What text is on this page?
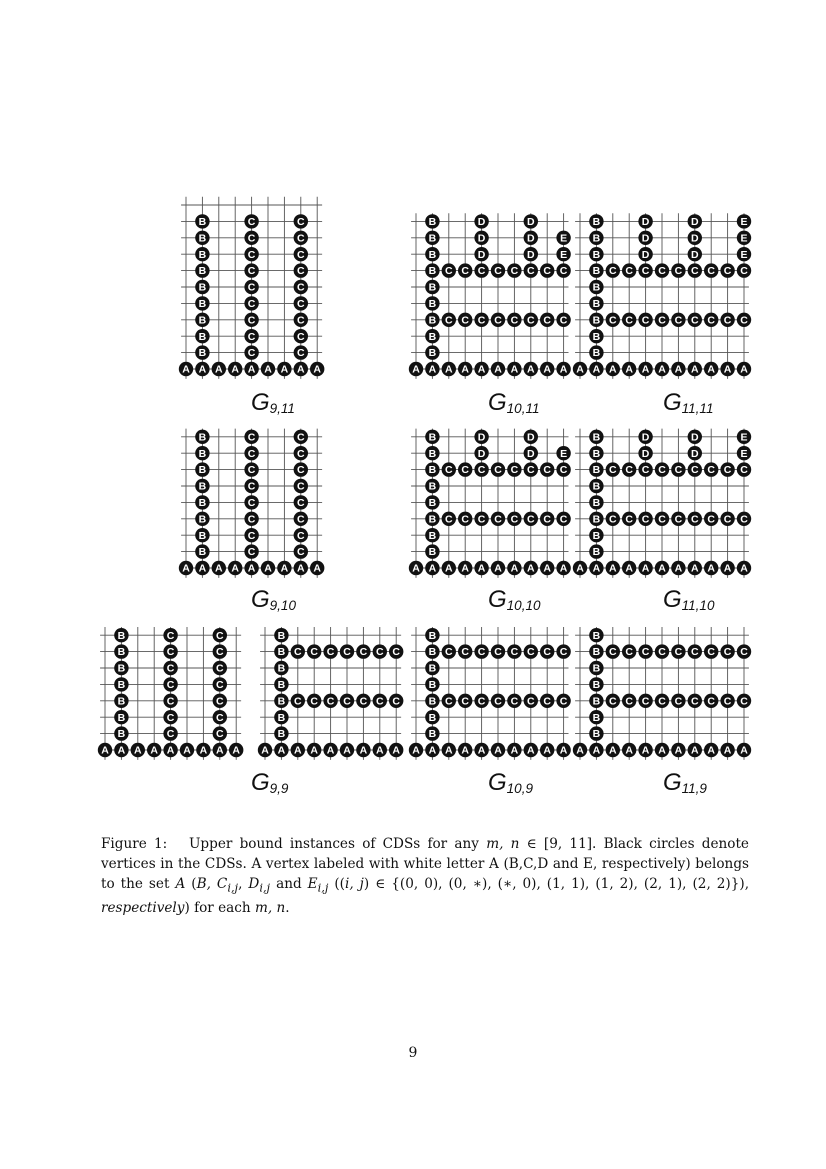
A A A A A A A A A
B	C	C
B	C	C
B	C	C
B	C	C
B	C	C
B	C	C
B	C	C
B	C	C
B	C	C
G9,11
A A A A A A A A A A
B
B
B
B
B
B
B
B
B
C C C C C C C C
C C C C C C C C
D	D
D	D
D	D
E
E
G10,11
A A A A A A A A A A A
B
B
B
B
B
B
B
B
B
C C C C C C C C C
C C C C C C C C C
D	D
D	D
D	D
E
E
E
G11,11
A A A A A A A A A
B	C	C
B	C	C
B	C	C
B	C	C
B	C	C
B	C	C
B	C	C
B	C	C
G9,10
A A A A A A A A A A
B
B
B
B
B
B
B
B
C C C C C C C C
C C C C C C C C
D	D
D	D
E
G10,10
A A A A A A A A A A A
B
B
B
B
B
B
B
B
C C C C C C C C C
C C C C C C C C C
D	D
D	D
E
E
G11,10
A A A A A A A A A
B	C	C
B	C	C
B	C	C
B	C	C
B	C	C
B	C	C
B	C	C
G9,9
A A A A A A A A A
B
B
B
B
B
B
B
C C C C C C C
C C C C C C C
G10,9
A A A A A A A A A A
B
B
B
B
B
B
B
C C C C C C C C
C C C C C C C C
A A A A A A A A A A A
B
B
B
B
B
B
B
C C C C C C C C C
C C C C C C C C C
G11,9
Figure 1: Upper bound instances of CDSs for any m, n ∈ [9, 11]. Black circles denote vertices in the CDSs. A vertex labeled with white letter A (B,C,D and E, respectively) belongs to the set A (B, $C_{i,j}$, $D_{i,j}$ and $E_{i,j}$ ((i, j) ∈ {(0, 0), (0, ∗), (∗, 0), (1, 1), (1, 2), (2, 1), (2, 2)}), respectively) for each m, n.
9
